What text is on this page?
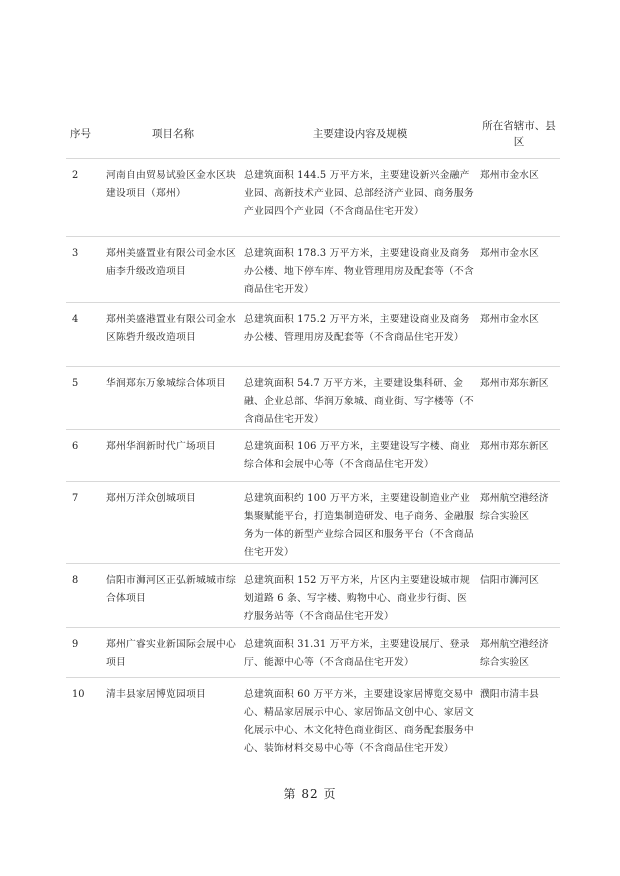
序号	项目名称	主要建设内容及规模	所在省辖市、县区
2	河南自由贸易试验区金水区块建设项目（郑州）	总建筑面积 144.5 万平方米，主要建设新兴金融产业园、高新技术产业园、总部经济产业园、商务服务产业园四个产业园（不含商品住宅开发）	郑州市金水区
3	郑州美盛置业有限公司金水区庙李升级改造项目	总建筑面积 178.3 万平方米，主要建设商业及商务办公楼、地下停车库、物业管理用房及配套等（不含商品住宅开发）	郑州市金水区
4	郑州美盛港置业有限公司金水区陈砦升级改造项目	总建筑面积 175.2 万平方米，主要建设商业及商务办公楼、管理用房及配套等（不含商品住宅开发）	郑州市金水区
5	华润郑东万象城综合体项目	总建筑面积 54.7 万平方米，主要建设集科研、金融、企业总部、华润万象城、商业街、写字楼等（不含商品住宅开发）	郑州市郑东新区
6	郑州华润新时代广场项目	总建筑面积 106 万平方米，主要建设写字楼、商业综合体和会展中心等（不含商品住宅开发）	郑州市郑东新区
7	郑州万洋众创城项目	总建筑面积约 100 万平方米，主要建设制造业产业集聚赋能平台，打造集制造研发、电子商务、金融服务为一体的新型产业综合园区和服务平台（不含商品住宅开发）	郑州航空港经济综合实验区
8	信阳市浉河区正弘新城城市综合体项目	总建筑面积 152 万平方米，片区内主要建设城市规划道路 6 条、写字楼、购物中心、商业步行街、医疗服务站等（不含商品住宅开发）	信阳市浉河区
9	郑州广睿实业新国际会展中心项目	总建筑面积 31.31 万平方米，主要建设展厅、登录厅、能源中心等（不含商品住宅开发）	郑州航空港经济综合实验区
10	清丰县家居博览园项目	总建筑面积 60 万平方米，主要建设家居博览交易中心、精品家居展示中心、家居饰品文创中心、家居文化展示中心、木文化特色商业街区、商务配套服务中心、装饰材料交易中心等（不含商品住宅开发）	濮阳市清丰县
第 82 页
